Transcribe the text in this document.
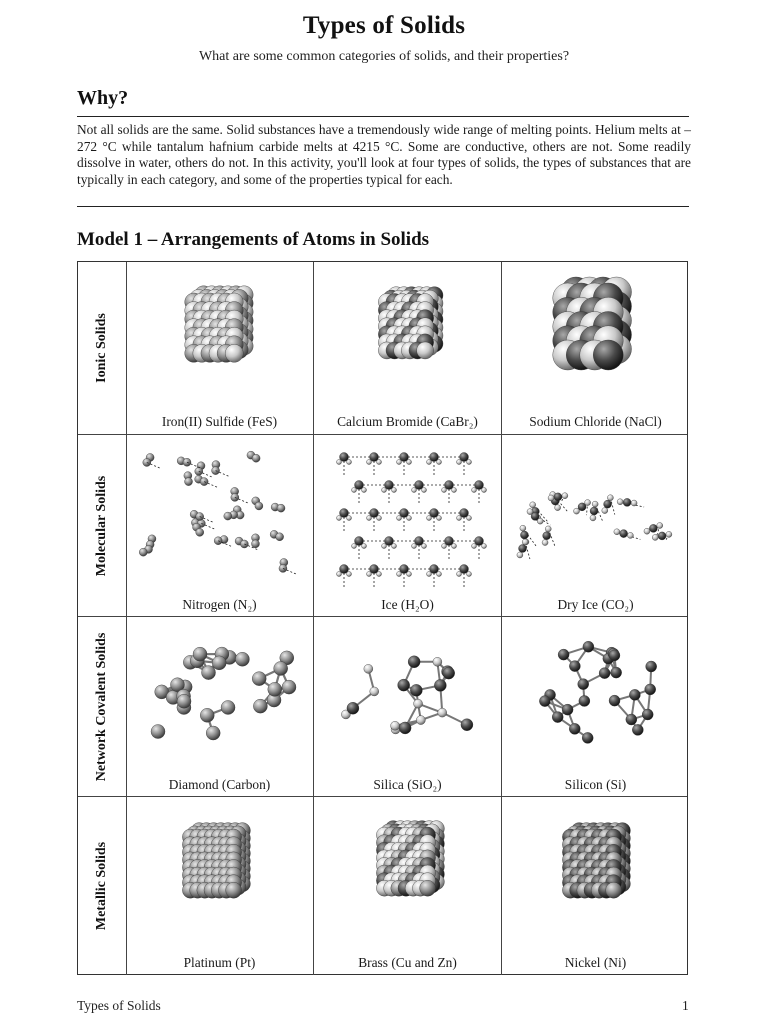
Types of Solids
What are some common categories of solids, and their properties?
Why?
Not all solids are the same. Solid substances have a tremendously wide range of melting points. Helium melts at –272 °C while tantalum hafnium carbide melts at 4215 °C. Some are conductive, others are not. Some readily dissolve in water, others do not. In this activity, you'll look at four types of solids, the types of substances that are typically in each category, and some of the properties typical for each.
Model 1 – Arrangements of Atoms in Solids
Ionic Solids
Iron(II) Sulfide (FeS)	Calcium Bromide (CaBr₂)	Sodium Chloride (NaCl)
Molecular Solids
Nitrogen (N₂)	Ice (H₂O)	Dry Ice (CO₂)
Network Covalent Solids
Diamond (Carbon)	Silica (SiO₂)	Silicon (Si)
Metallic Solids
Platinum (Pt)	Brass (Cu and Zn)	Nickel (Ni)
Types of Solids	1
